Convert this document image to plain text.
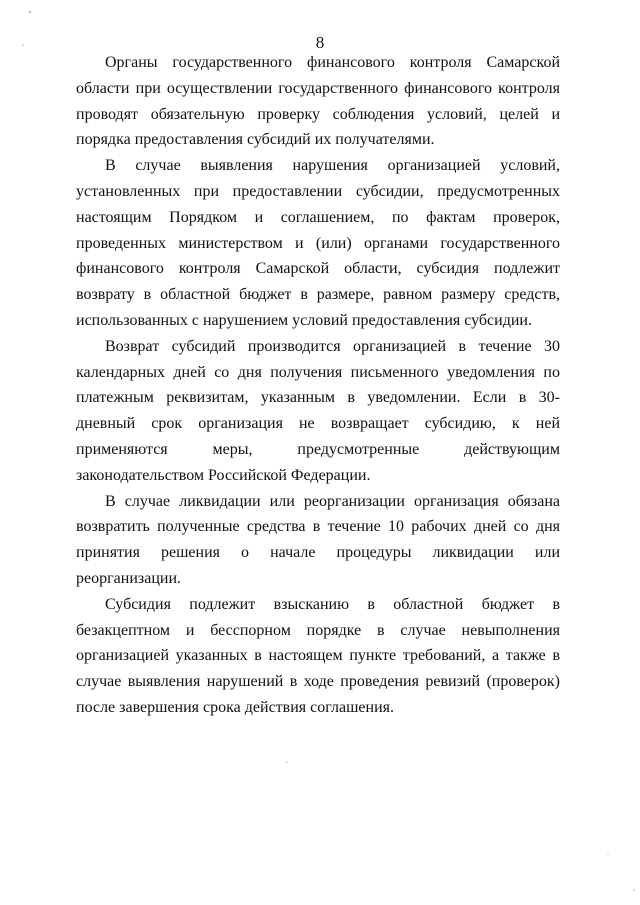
8

Органы государственного финансового контроля Самарской области при осуществлении государственного финансового контроля проводят обязательную проверку соблюдения условий, целей и порядка предоставления субсидий их получателями.

В случае выявления нарушения организацией условий, установленных при предоставлении субсидии, предусмотренных настоящим Порядком и соглашением, по фактам проверок, проведенных министерством и (или) органами государственного финансового контроля Самарской области, субсидия подлежит возврату в областной бюджет в размере, равном размеру средств, использованных с нарушением условий предоставления субсидии.

Возврат субсидий производится организацией в течение 30 календарных дней со дня получения письменного уведомления по платежным реквизитам, указанным в уведомлении. Если в 30-дневный срок организация не возвращает субсидию, к ней применяются меры, предусмотренные действующим законодательством Российской Федерации.

В случае ликвидации или реорганизации организация обязана возвратить полученные средства в течение 10 рабочих дней со дня принятия решения о начале процедуры ликвидации или реорганизации.

Субсидия подлежит взысканию в областной бюджет в безакцептном и бесспорном порядке в случае невыполнения организацией указанных в настоящем пункте требований, а также в случае выявления нарушений в ходе проведения ревизий (проверок) после завершения срока действия соглашения.
